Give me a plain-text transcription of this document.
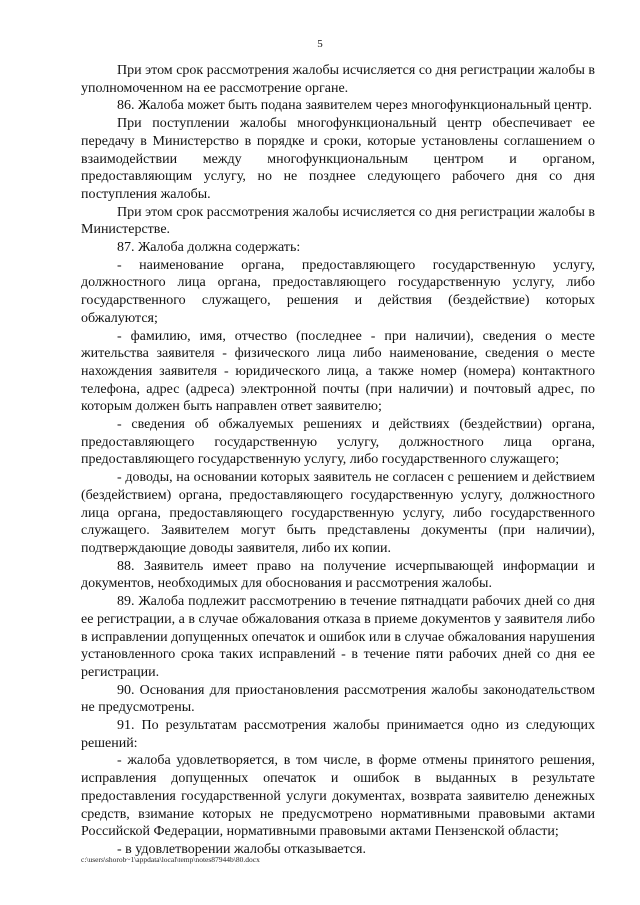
5

При этом срок рассмотрения жалобы исчисляется со дня регистрации жалобы в уполномоченном на ее рассмотрение органе.

86. Жалоба может быть подана заявителем через многофункциональный центр.

При поступлении жалобы многофункциональный центр обеспечивает ее передачу в Министерство в порядке и сроки, которые установлены соглашением о взаимодействии между многофункциональным центром и органом, предоставляющим услугу, но не позднее следующего рабочего дня со дня поступления жалобы.

При этом срок рассмотрения жалобы исчисляется со дня регистрации жалобы в Министерстве.

87. Жалоба должна содержать:

- наименование органа, предоставляющего государственную услугу, должностного лица органа, предоставляющего государственную услугу, либо государственного служащего, решения и действия (бездействие) которых обжалуются;

- фамилию, имя, отчество (последнее - при наличии), сведения о месте жительства заявителя - физического лица либо наименование, сведения о месте нахождения заявителя - юридического лица, а также номер (номера) контактного телефона, адрес (адреса) электронной почты (при наличии) и почтовый адрес, по которым должен быть направлен ответ заявителю;

- сведения об обжалуемых решениях и действиях (бездействии) органа, предоставляющего государственную услугу, должностного лица органа, предоставляющего государственную услугу, либо государственного служащего;

- доводы, на основании которых заявитель не согласен с решением и действием (бездействием) органа, предоставляющего государственную услугу, должностного лица органа, предоставляющего государственную услугу, либо государственного служащего. Заявителем могут быть представлены документы (при наличии), подтверждающие доводы заявителя, либо их копии.

88. Заявитель имеет право на получение исчерпывающей информации и документов, необходимых для обоснования и рассмотрения жалобы.

89. Жалоба подлежит рассмотрению в течение пятнадцати рабочих дней со дня ее регистрации, а в случае обжалования отказа в приеме документов у заявителя либо в исправлении допущенных опечаток и ошибок или в случае обжалования нарушения установленного срока таких исправлений - в течение пяти рабочих дней со дня ее регистрации.

90. Основания для приостановления рассмотрения жалобы законодательством не предусмотрены.

91. По результатам рассмотрения жалобы принимается одно из следующих решений:

- жалоба удовлетворяется, в том числе, в форме отмены принятого решения, исправления допущенных опечаток и ошибок в выданных в результате предоставления государственной услуги документах, возврата заявителю денежных средств, взимание которых не предусмотрено нормативными правовыми актами Российской Федерации, нормативными правовыми актами Пензенской области;

- в удовлетворении жалобы отказывается.

c:\users\shorob~1\appdata\local\temp\notes87944b\80.docx
